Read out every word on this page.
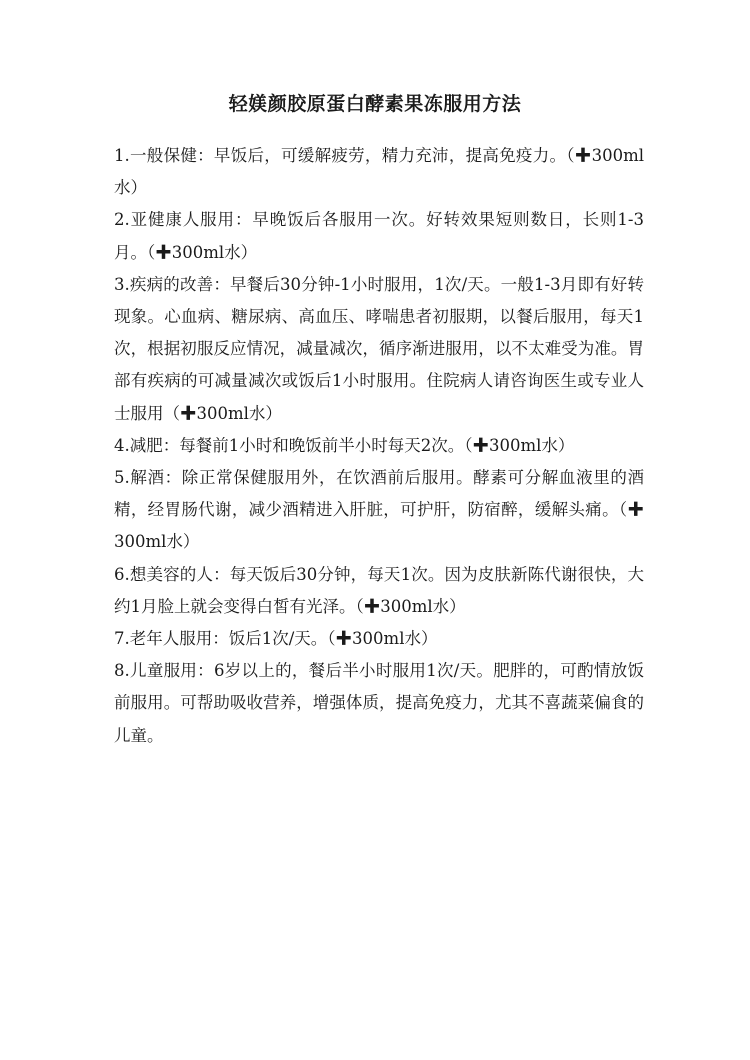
轻媄颜胶原蛋白酵素果冻服用方法

1.一般保健：早饭后，可缓解疲劳，精力充沛，提高免疫力。（✚300ml水）

2.亚健康人服用：早晚饭后各服用一次。好转效果短则数日，长则1-3月。（✚300ml水）

3.疾病的改善：早餐后30分钟-1小时服用，1次/天。一般1-3月即有好转现象。心血病、糖尿病、高血压、哮喘患者初服期，以餐后服用，每天1次，根据初服反应情况，减量减次，循序渐进服用，以不太难受为准。胃部有疾病的可减量减次或饭后1小时服用。住院病人请咨询医生或专业人士服用（✚300ml水）

4.减肥：每餐前1小时和晚饭前半小时每天2次。（✚300ml水）

5.解酒：除正常保健服用外，在饮酒前后服用。酵素可分解血液里的酒精，经胃肠代谢，减少酒精进入肝脏，可护肝，防宿醉，缓解头痛。（✚300ml水）

6.想美容的人：每天饭后30分钟，每天1次。因为皮肤新陈代谢很快，大约1月脸上就会变得白皙有光泽。（✚300ml水）

7.老年人服用：饭后1次/天。（✚300ml水）

8.儿童服用：6岁以上的，餐后半小时服用1次/天。肥胖的，可酌情放饭前服用。可帮助吸收营养，增强体质，提高免疫力，尤其不喜蔬菜偏食的儿童。
